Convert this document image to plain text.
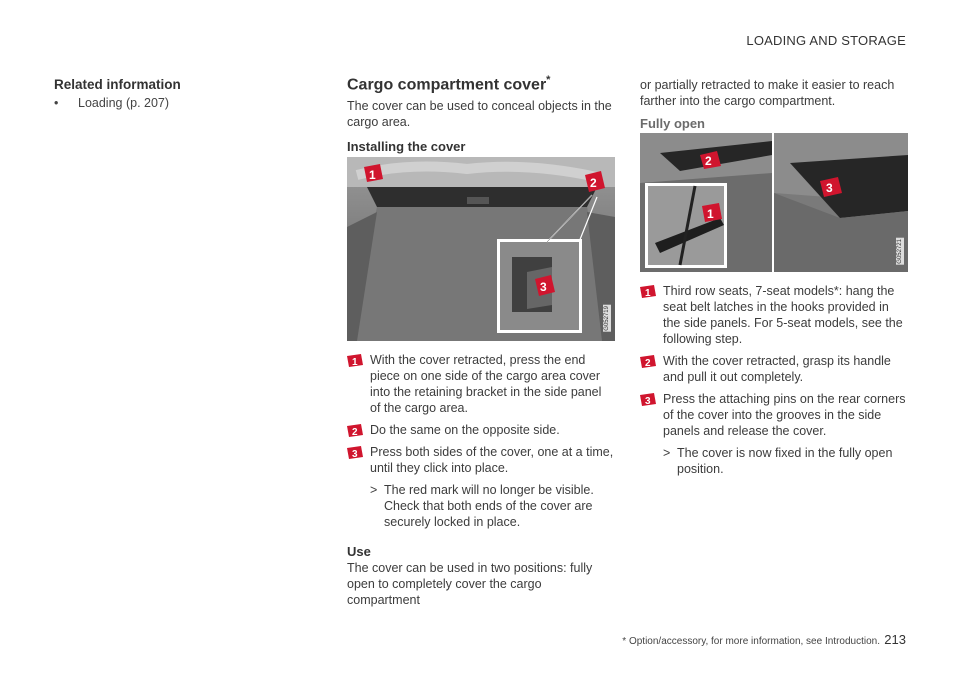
LOADING AND STORAGE
Related information
•	Loading (p. 207)
Cargo compartment cover*
The cover can be used to conceal objects in the cargo area.
Installing the cover
1
2
3
G052719
1 With the cover retracted, press the end piece on one side of the cargo area cover into the retaining bracket in the side panel of the cargo area.
2 Do the same on the opposite side.
3 Press both sides of the cover, one at a time, until they click into place.
> The red mark will no longer be visible. Check that both ends of the cover are securely locked in place.
Use
The cover can be used in two positions: fully open to completely cover the cargo compartment
or partially retracted to make it easier to reach farther into the cargo compartment.
Fully open
1
2
3
G052721
1 Third row seats, 7-seat models*: hang the seat belt latches in the hooks provided in the side panels. For 5-seat models, see the following step.
2 With the cover retracted, grasp its handle and pull it out completely.
3 Press the attaching pins on the rear corners of the cover into the grooves in the side panels and release the cover.
> The cover is now fixed in the fully open position.
* Option/accessory, for more information, see Introduction. 213
